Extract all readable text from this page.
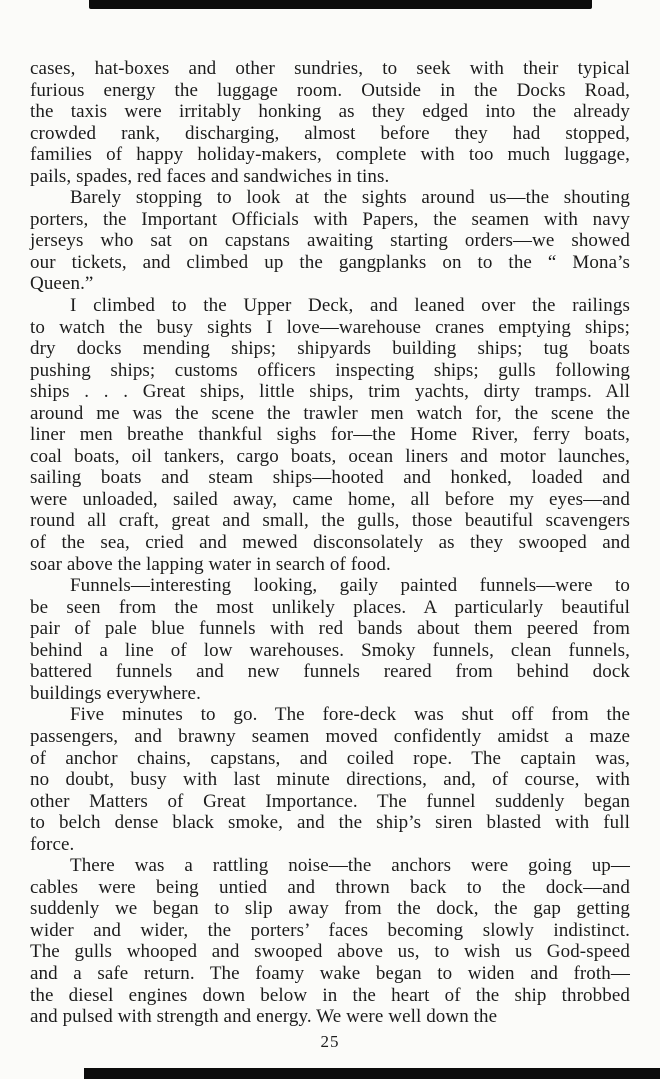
cases, hat-boxes and other sundries, to seek with their typical
furious energy the luggage room. Outside in the Docks Road,
the taxis were irritably honking as they edged into the already
crowded rank, discharging, almost before they had stopped,
families of happy holiday-makers, complete with too much luggage,
pails, spades, red faces and sandwiches in tins.
Barely stopping to look at the sights around us—the shouting
porters, the Important Officials with Papers, the seamen with navy
jerseys who sat on capstans awaiting starting orders—we showed
our tickets, and climbed up the gangplanks on to the “ Mona’s
Queen.”
I climbed to the Upper Deck, and leaned over the railings
to watch the busy sights I love—warehouse cranes emptying ships;
dry docks mending ships; shipyards building ships; tug boats
pushing ships; customs officers inspecting ships; gulls following
ships . . . Great ships, little ships, trim yachts, dirty tramps. All
around me was the scene the trawler men watch for, the scene the
liner men breathe thankful sighs for—the Home River, ferry boats,
coal boats, oil tankers, cargo boats, ocean liners and motor launches,
sailing boats and steam ships—hooted and honked, loaded and
were unloaded, sailed away, came home, all before my eyes—and
round all craft, great and small, the gulls, those beautiful scavengers
of the sea, cried and mewed disconsolately as they swooped and
soar above the lapping water in search of food.
Funnels—interesting looking, gaily painted funnels—were to
be seen from the most unlikely places. A particularly beautiful
pair of pale blue funnels with red bands about them peered from
behind a line of low warehouses. Smoky funnels, clean funnels,
battered funnels and new funnels reared from behind dock
buildings everywhere.
Five minutes to go. The fore-deck was shut off from the
passengers, and brawny seamen moved confidently amidst a maze
of anchor chains, capstans, and coiled rope. The captain was,
no doubt, busy with last minute directions, and, of course, with
other Matters of Great Importance. The funnel suddenly began
to belch dense black smoke, and the ship’s siren blasted with full
force.
There was a rattling noise—the anchors were going up—
cables were being untied and thrown back to the dock—and
suddenly we began to slip away from the dock, the gap getting
wider and wider, the porters’ faces becoming slowly indistinct.
The gulls whooped and swooped above us, to wish us God-speed
and a safe return. The foamy wake began to widen and froth—
the diesel engines down below in the heart of the ship throbbed
and pulsed with strength and energy. We were well down the
25
